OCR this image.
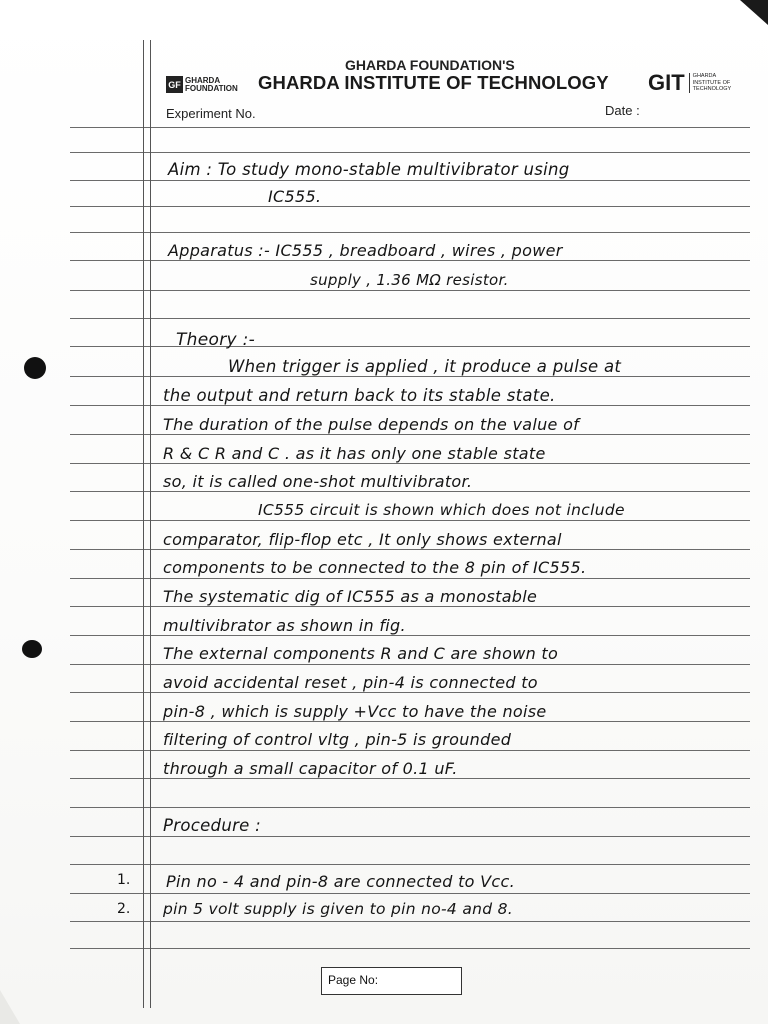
GHARDA FOUNDATION'S
GF GHARDA
FOUNDATION GHARDA INSTITUTE OF TECHNOLOGY GIT GHARDA
INSTITUTE OF
TECHNOLOGY
Experiment No.	Date :
Aim : To study mono-stable multivibrator using
IC555.
Apparatus :- IC555 , breadboard , wires , power
supply , 1.36 MΩ resistor.
Theory :-
When trigger is applied , it produce a pulse at
the output and return back to its stable state.
The duration of the pulse depends on the value of
R & C R and C . as it has only one stable state
so, it is called one-shot multivibrator.
IC555 circuit is shown which does not include
comparator, flip-flop etc , It only shows external
components to be connected to the 8 pin of IC555.
The systematic dig of IC555 as a monostable
multivibrator as shown in fig.
The external components R and C are shown to
avoid accidental reset , pin-4 is connected to
pin-8 , which is supply +Vcc to have the noise
filtering of control vltg , pin-5 is grounded
through a small capacitor of 0.1 uF.
Procedure :
1. Pin no - 4 and pin-8 are connected to Vcc.
2. pin 5 volt supply is given to pin no-4 and 8.
Page No:
